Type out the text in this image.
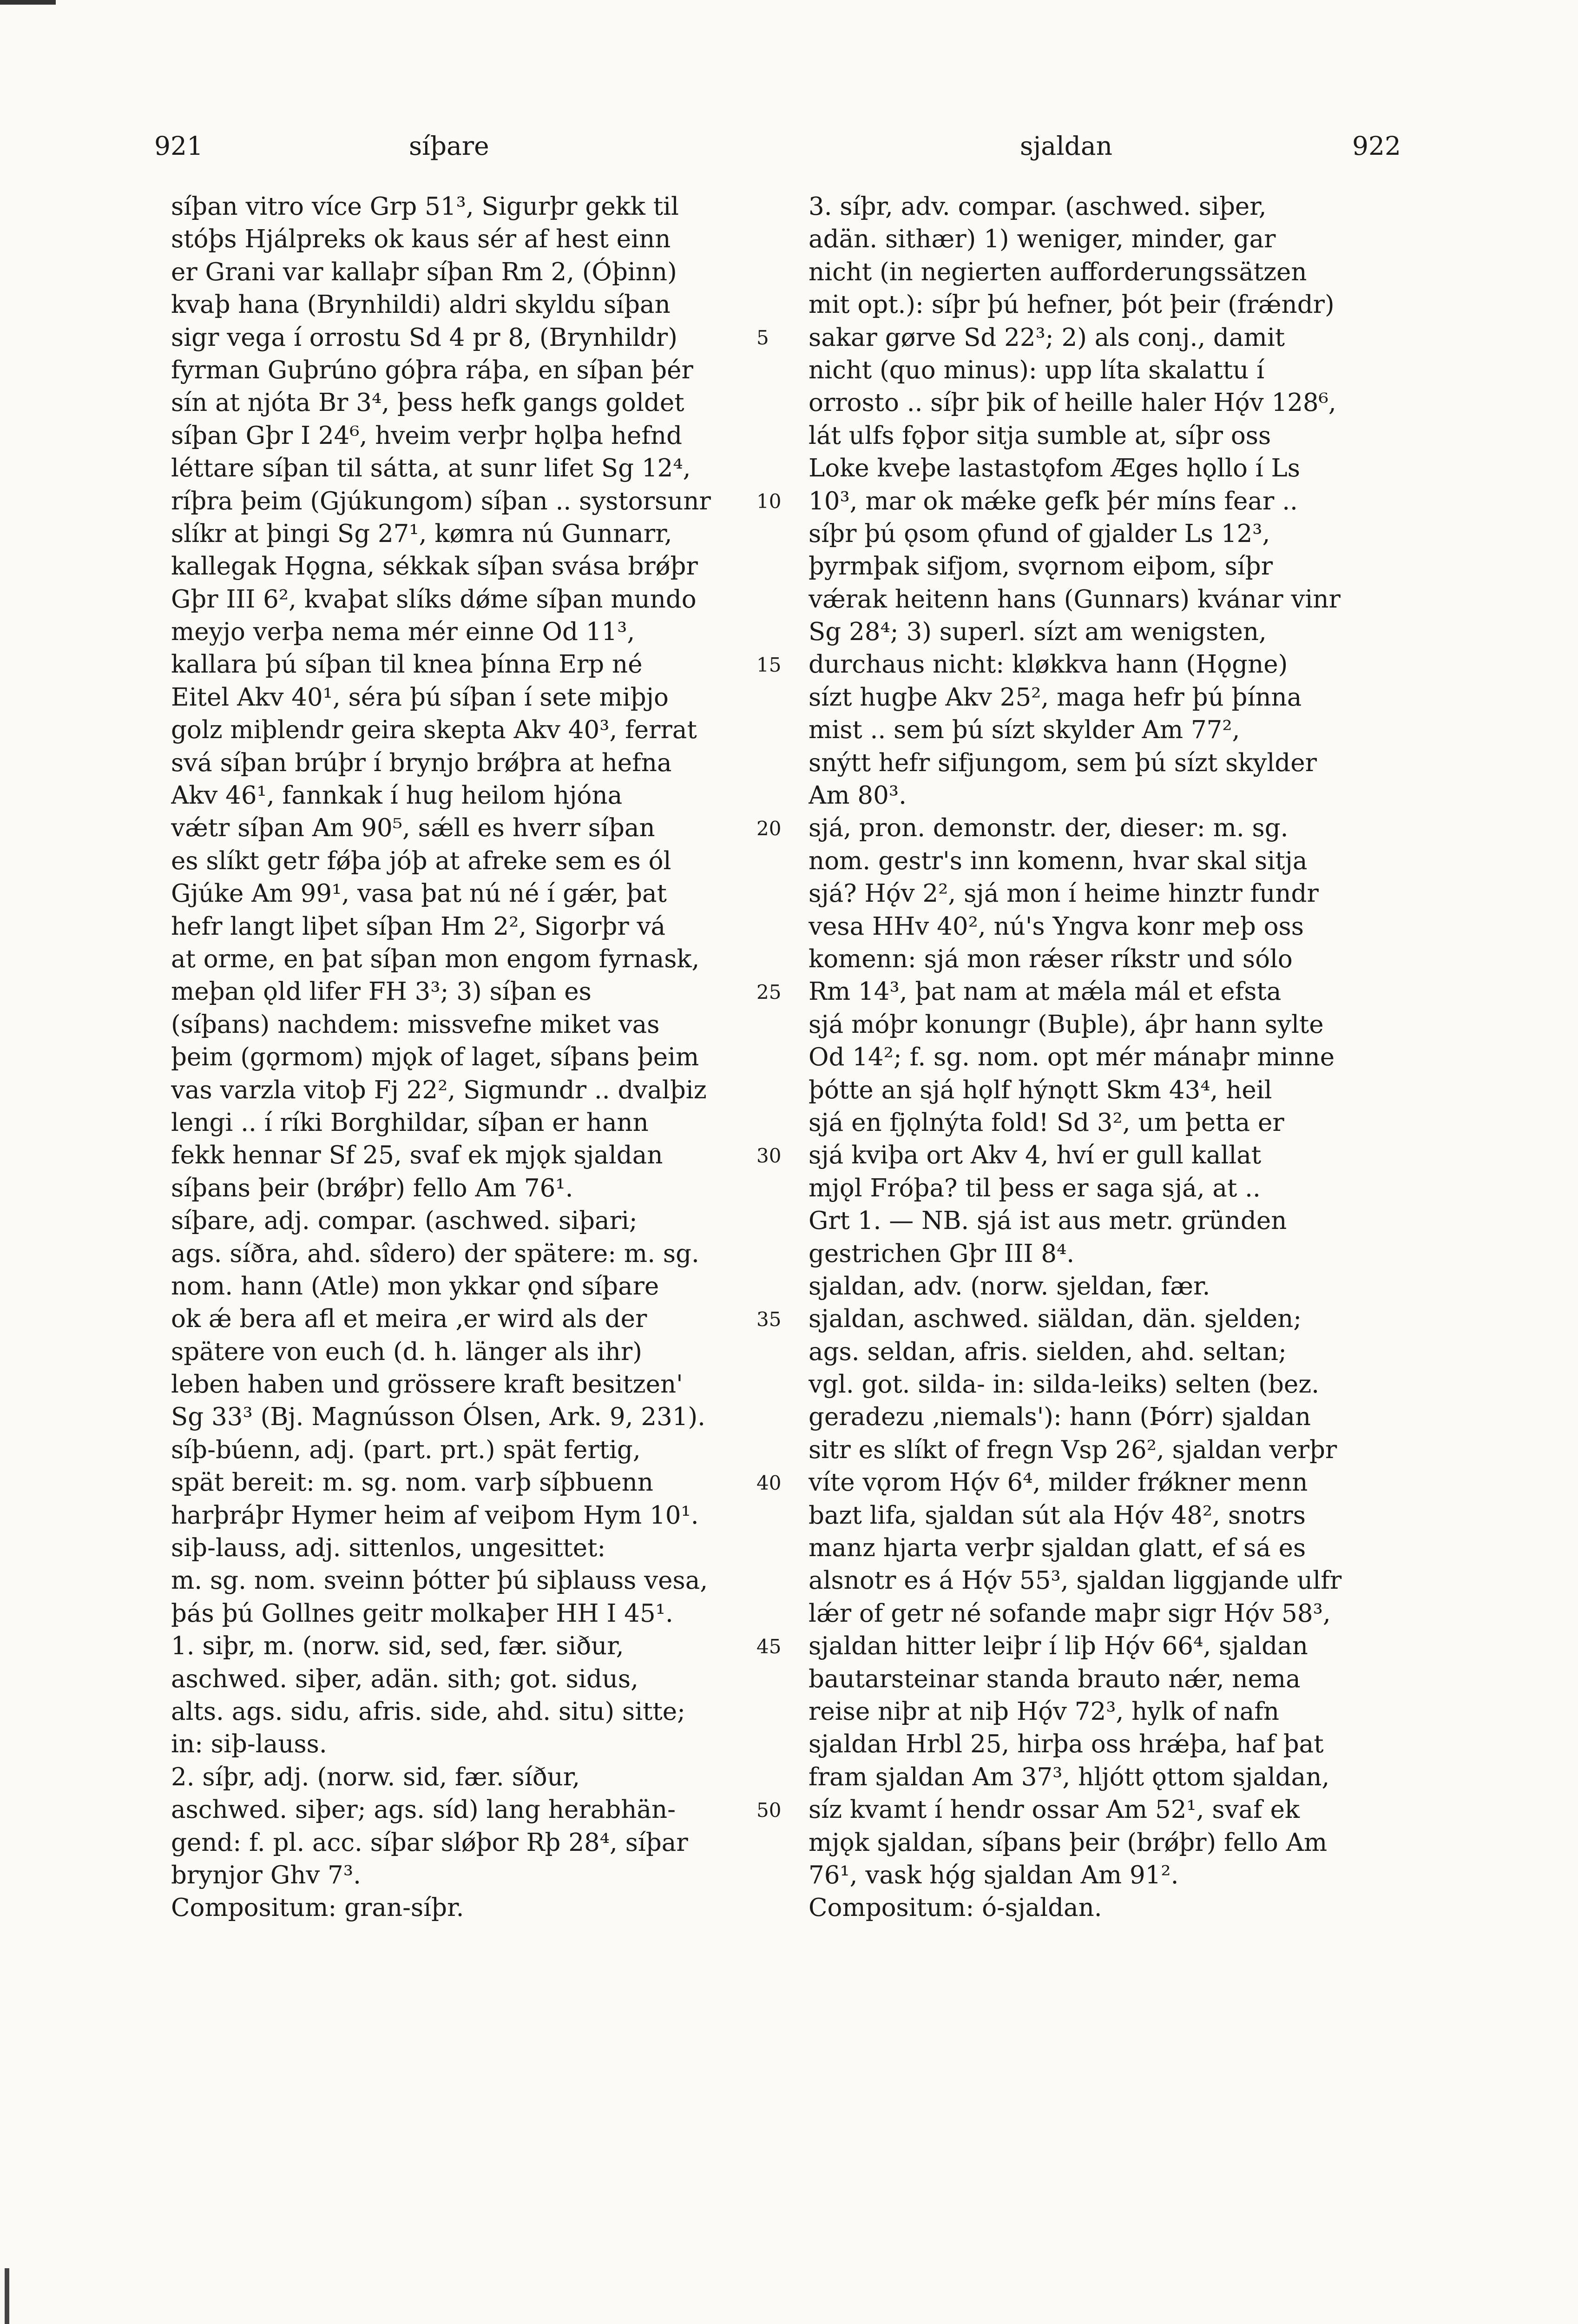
921	síþare	sjaldan	922
síþan vitro více Grp 51³, Sigurþr gekk til
stóþs Hjálpreks ok kaus sér af hest einn
er Grani var kallaþr síþan Rm 2, (Óþinn)
kvaþ hana (Brynhildi) aldri skyldu síþan
sigr vega í orrostu Sd 4 pr 8, (Brynhildr)
fyrman Guþrúno góþra ráþa, en síþan þér
sín at njóta Br 3⁴, þess hefk gangs goldet
síþan Gþr I 24⁶, hveim verþr hǫlþa hefnd
léttare síþan til sátta, at sunr lifet Sg 12⁴,
ríþra þeim (Gjúkungom) síþan .. systorsunr
slíkr at þingi Sg 27¹, kømra nú Gunnarr,
kallegak Hǫgna, sékkak síþan svása brǿþr
Gþr III 6², kvaþat slíks dǿme síþan mundo
meyjo verþa nema mér einne Od 11³,
kallara þú síþan til knea þínna Erp né
Eitel Akv 40¹, séra þú síþan í sete miþjo
golz miþlendr geira skepta Akv 40³, ferrat
svá síþan brúþr í brynjo brǿþra at hefna
Akv 46¹, fannkak í hug heilom hjóna
vǽtr síþan Am 90⁵, sǽll es hverr síþan
es slíkt getr fǿþa jóþ at afreke sem es ól
Gjúke Am 99¹, vasa þat nú né í gǽr, þat
hefr langt liþet síþan Hm 2², Sigorþr vá
at orme, en þat síþan mon engom fyrnask,
meþan ǫld lifer FH 3³; 3) síþan es
(síþans) nachdem: missvefne miket vas
þeim (gǫrmom) mjǫk of laget, síþans þeim
vas varzla vitoþ Fj 22², Sigmundr .. dvalþiz
lengi .. í ríki Borghildar, síþan er hann
fekk hennar Sf 25, svaf ek mjǫk sjaldan
síþans þeir (brǿþr) fello Am 76¹.
síþare, adj. compar. (aschwed. siþari;
ags. síðra, ahd. sîdero) der spätere: m. sg.
nom. hann (Atle) mon ykkar ǫnd síþare
ok ǽ bera afl et meira ‚er wird als der
spätere von euch (d. h. länger als ihr)
leben haben und grössere kraft besitzen'
Sg 33³ (Bj. Magnússon Ólsen, Ark. 9, 231).
síþ-búenn, adj. (part. prt.) spät fertig,
spät bereit: m. sg. nom. varþ síþbuenn
harþráþr Hymer heim af veiþom Hym 10¹.
siþ-lauss, adj. sittenlos, ungesittet:
m. sg. nom. sveinn þótter þú siþlauss vesa,
þás þú Gollnes geitr molkaþer HH I 45¹.
1. siþr, m. (norw. sid, sed, fær. siður,
aschwed. siþer, adän. sith; got. sidus,
alts. ags. sidu, afris. side, ahd. situ) sitte;
in: siþ-lauss.
2. síþr, adj. (norw. sid, fær. síður,
aschwed. siþer; ags. síd) lang herabhän-
gend: f. pl. acc. síþar slǿþor Rþ 28⁴, síþar
brynjor Ghv 7³.
Compositum: gran-síþr.
5
10
15
20
25
30
35
40
45
50
3. síþr, adv. compar. (aschwed. siþer,
adän. sithær) 1) weniger, minder, gar
nicht (in negierten aufforderungssätzen
mit opt.): síþr þú hefner, þót þeir (frǽndr)
sakar gørve Sd 22³; 2) als conj., damit
nicht (quo minus): upp líta skalattu í
orrosto .. síþr þik of heille haler Hǫ́v 128⁶,
lát ulfs fǫþor sitja sumble at, síþr oss
Loke kveþe lastastǫfom Æges hǫllo í Ls
10³, mar ok mǽke gefk þér míns fear ..
síþr þú ǫsom ǫfund of gjalder Ls 12³,
þyrmþak sifjom, svǫrnom eiþom, síþr
vǽrak heitenn hans (Gunnars) kvánar vinr
Sg 28⁴; 3) superl. sízt am wenigsten,
durchaus nicht: kløkkva hann (Hǫgne)
sízt hugþe Akv 25², maga hefr þú þínna
mist .. sem þú sízt skylder Am 77²,
snýtt hefr sifjungom, sem þú sízt skylder
Am 80³.
sjá, pron. demonstr. der, dieser: m. sg.
nom. gestr's inn komenn, hvar skal sitja
sjá? Hǫ́v 2², sjá mon í heime hinztr fundr
vesa HHv 40², nú's Yngva konr meþ oss
komenn: sjá mon rǽser ríkstr und sólo
Rm 14³, þat nam at mǽla mál et efsta
sjá móþr konungr (Buþle), áþr hann sylte
Od 14²; f. sg. nom. opt mér mánaþr minne
þótte an sjá hǫlf hýnǫtt Skm 43⁴, heil
sjá en fjǫlnýta fold! Sd 3², um þetta er
sjá kviþa ort Akv 4, hví er gull kallat
mjǫl Fróþa? til þess er saga sjá, at ..
Grt 1. — NB. sjá ist aus metr. gründen
gestrichen Gþr III 8⁴.
sjaldan, adv. (norw. sjeldan, fær.
sjaldan, aschwed. siäldan, dän. sjelden;
ags. seldan, afris. sielden, ahd. seltan;
vgl. got. silda- in: silda-leiks) selten (bez.
geradezu ‚niemals'): hann (Þórr) sjaldan
sitr es slíkt of fregn Vsp 26², sjaldan verþr
víte vǫrom Hǫ́v 6⁴, milder frǿkner menn
bazt lifa, sjaldan sút ala Hǫ́v 48², snotrs
manz hjarta verþr sjaldan glatt, ef sá es
alsnotr es á Hǫ́v 55³, sjaldan liggjande ulfr
lǽr of getr né sofande maþr sigr Hǫ́v 58³,
sjaldan hitter leiþr í liþ Hǫ́v 66⁴, sjaldan
bautarsteinar standa brauto nǽr, nema
reise niþr at niþ Hǫ́v 72³, hylk of nafn
sjaldan Hrbl 25, hirþa oss hrǽþa, haf þat
fram sjaldan Am 37³, hljótt ǫttom sjaldan,
síz kvamt í hendr ossar Am 52¹, svaf ek
mjǫk sjaldan, síþans þeir (brǿþr) fello Am
76¹, vask hǫ́g sjaldan Am 91².
Compositum: ó-sjaldan.
